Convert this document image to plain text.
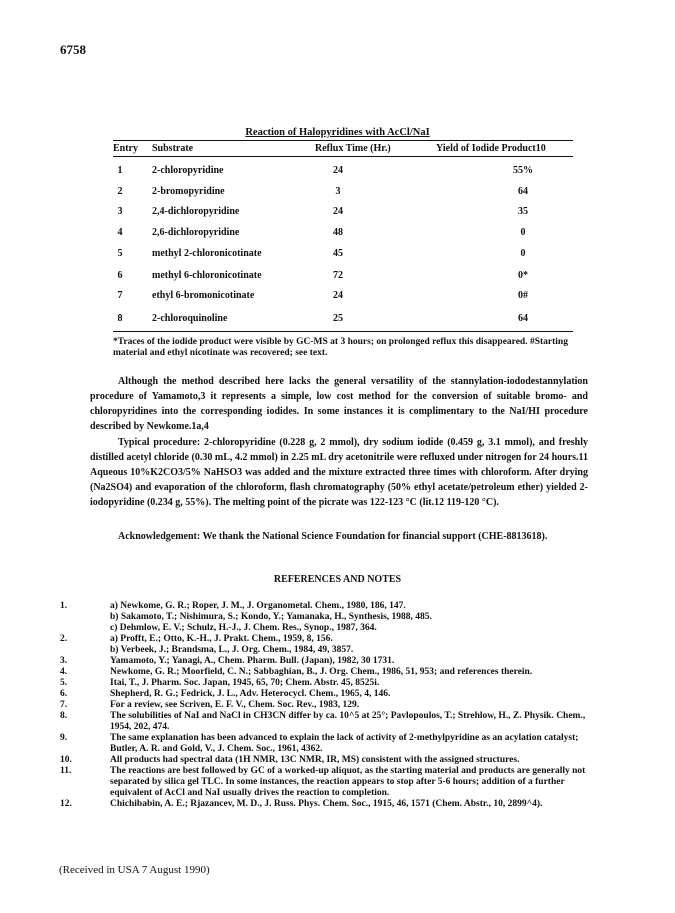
6758
Reaction of Halopyridines with AcCl/NaI
Entry Substrate	Reflux Time (Hr.)	Yield of Iodide Product10
1	2-chloropyridine	24	55%
2	2-bromopyridine	3	64
3	2,4-dichloropyridine	24	35
4	2,6-dichloropyridine	48	0
5	methyl 2-chloronicotinate	45	0
6	methyl 6-chloronicotinate	72	0*
7	ethyl 6-bromonicotinate	24	0#
8	2-chloroquinoline	25	64
*Traces of the iodide product were visible by GC-MS at 3 hours; on prolonged reflux this disappeared. #Starting material and ethyl nicotinate was recovered; see text.
Although the method described here lacks the general versatility of the stannylation-iododestannylation procedure of Yamamoto,3 it represents a simple, low cost method for the conversion of suitable bromo- and chloropyridines into the corresponding iodides. In some instances it is complimentary to the NaI/HI procedure described by Newkome.1a,4
Typical procedure: 2-chloropyridine (0.228 g, 2 mmol), dry sodium iodide (0.459 g, 3.1 mmol), and freshly distilled acetyl chloride (0.30 mL, 4.2 mmol) in 2.25 mL dry acetonitrile were refluxed under nitrogen for 24 hours.11 Aqueous 10%K2CO3/5% NaHSO3 was added and the mixture extracted three times with chloroform. After drying (Na2SO4) and evaporation of the chloroform, flash chromatography (50% ethyl acetate/petroleum ether) yielded 2-iodopyridine (0.234 g, 55%). The melting point of the picrate was 122-123 °C (lit.12 119-120 °C).
Acknowledgement: We thank the National Science Foundation for financial support (CHE-8813618).
REFERENCES AND NOTES
1.	a) Newkome, G. R.; Roper, J. M., J. Organometal. Chem., 1980, 186, 147.
b) Sakamoto, T.; Nishimura, S.; Kondo, Y.; Yamanaka, H., Synthesis, 1988, 485.
c) Dehmlow, E. V.; Schulz, H.-J., J. Chem. Res., Synop., 1987, 364.
2.	a) Profft, E.; Otto, K.-H., J. Prakt. Chem., 1959, 8, 156.
b) Verbeek, J.; Brandsma, L., J. Org. Chem., 1984, 49, 3857.
3.	Yamamoto, Y.; Yanagi, A., Chem. Pharm. Bull. (Japan), 1982, 30 1731.
4.	Newkome, G. R.; Moorfield, C. N.; Sabbaghian, B., J. Org. Chem., 1986, 51, 953; and references therein.
5.	Itai, T., J. Pharm. Soc. Japan, 1945, 65, 70; Chem. Abstr. 45, 8525i.
6.	Shepherd, R. G.; Fedrick, J. L., Adv. Heterocycl. Chem., 1965, 4, 146.
7.	For a review, see Scriven, E. F. V., Chem. Soc. Rev., 1983, 129.
8.	The solubilities of NaI and NaCl in CH3CN differ by ca. 10^5 at 25°; Pavlopoulos, T.; Strehlow, H., Z. Physik. Chem., 1954, 202, 474.
9.	The same explanation has been advanced to explain the lack of activity of 2-methylpyridine as an acylation catalyst; Butler, A. R. and Gold, V., J. Chem. Soc., 1961, 4362.
10.	All products had spectral data (1H NMR, 13C NMR, IR, MS) consistent with the assigned structures.
11.	The reactions are best followed by GC of a worked-up aliquot, as the starting material and products are generally not separated by silica gel TLC. In some instances, the reaction appears to stop after 5-6 hours; addition of a further equivalent of AcCl and NaI usually drives the reaction to completion.
12.	Chichibabin, A. E.; Rjazancev, M. D., J. Russ. Phys. Chem. Soc., 1915, 46, 1571 (Chem. Abstr., 10, 2899^4).
(Received in USA 7 August 1990)
